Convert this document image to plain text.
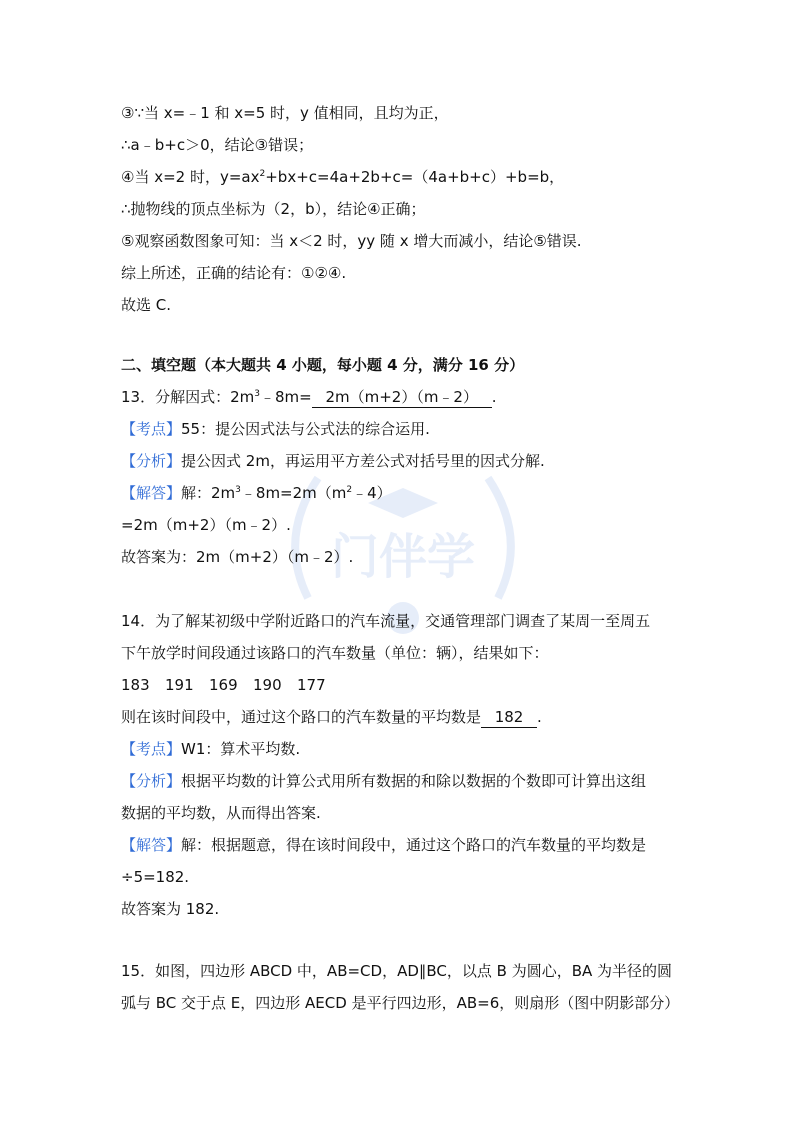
门伴学
③∵当 x=﹣1 和 x=5 时，y 值相同，且均为正，
∴a﹣b+c＞0，结论③错误；
④当 x=2 时，$y=ax^2+bx+c=4a+2b+c=(4a+b+c)+b=b$，
∴抛物线的顶点坐标为（2，b），结论④正确；
⑤观察函数图象可知：当 x＜2 时，yy 随 x 增大而减小，结论⑤错误.
综上所述，正确的结论有：①②④.
故选 C.
二、填空题（本大题共 4 小题，每小题 4 分，满分 16 分）
13．分解因式：$2m^3﹣8m=$ 2m（m+2）（m﹣2） .
【考点】55：提公因式法与公式法的综合运用.
【分析】提公因式 2m，再运用平方差公式对括号里的因式分解.
【解答】解：$2m^3﹣8m=2m(m^2﹣4)$
=2m（m+2）（m﹣2）.
故答案为：2m（m+2）（m﹣2）.
14．为了解某初级中学附近路口的汽车流量，交通管理部门调查了某周一至周五
下午放学时间段通过该路口的汽车数量（单位：辆），结果如下：
183 191 169 190 177
则在该时间段中，通过这个路口的汽车数量的平均数是 182 .
【考点】W1：算术平均数.
【分析】根据平均数的计算公式用所有数据的和除以数据的个数即可计算出这组
数据的平均数，从而得出答案.
【解答】解：根据题意，得在该时间段中，通过这个路口的汽车数量的平均数是
÷5=182.
故答案为 182.
15．如图，四边形 ABCD 中，AB=CD，AD∥BC，以点 B 为圆心，BA 为半径的圆
弧与 BC 交于点 E，四边形 AECD 是平行四边形，AB=6，则扇形（图中阴影部分）
